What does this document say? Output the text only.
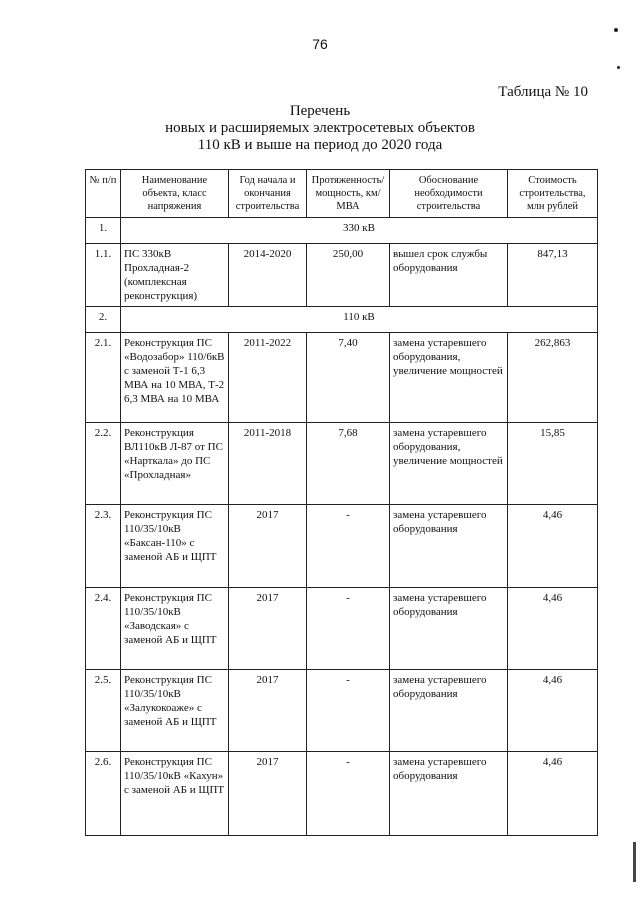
76
Таблица № 10
Перечень
новых и расширяемых электросетевых объектов
110 кВ и выше на период до 2020 года
№ п/п	Наименование объекта, класс напряжения	Год начала и окончания строительства	Протяженность/ мощность, км/МВА	Обоснование необходимости строительства	Стоимость строительства, млн рублей
1.	330 кВ				
1.1.	ПС 330кВ Прохладная-2 (комплексная реконструкция)	2014-2020	250,00	вышел срок службы оборудования	847,13
2.	110 кВ				
2.1.	Реконструкция ПС «Водозабор» 110/6кВ с заменой Т-1 6,3 МВА на 10 МВА, Т-2 6,3 МВА на 10 МВА	2011-2022	7,40	замена устаревшего оборудования, увеличение мощностей	262,863
2.2.	Реконструкция ВЛ110кВ Л-87 от ПС «Нарткала» до ПС «Прохладная»	2011-2018	7,68	замена устаревшего оборудования, увеличение мощностей	15,85
2.3.	Реконструкция ПС 110/35/10кВ «Баксан-110» с заменой АБ и ЩПТ	2017	-	замена устаревшего оборудования	4,46
2.4.	Реконструкция ПС 110/35/10кВ «Заводская» с заменой АБ и ЩПТ	2017	-	замена устаревшего оборудования	4,46
2.5.	Реконструкция ПС 110/35/10кВ «Залукокоаже» с заменой АБ и ЩПТ	2017	-	замена устаревшего оборудования	4,46
2.6.	Реконструкция ПС 110/35/10кВ «Кахун» с заменой АБ и ЩПТ	2017	-	замена устаревшего оборудования	4,46
